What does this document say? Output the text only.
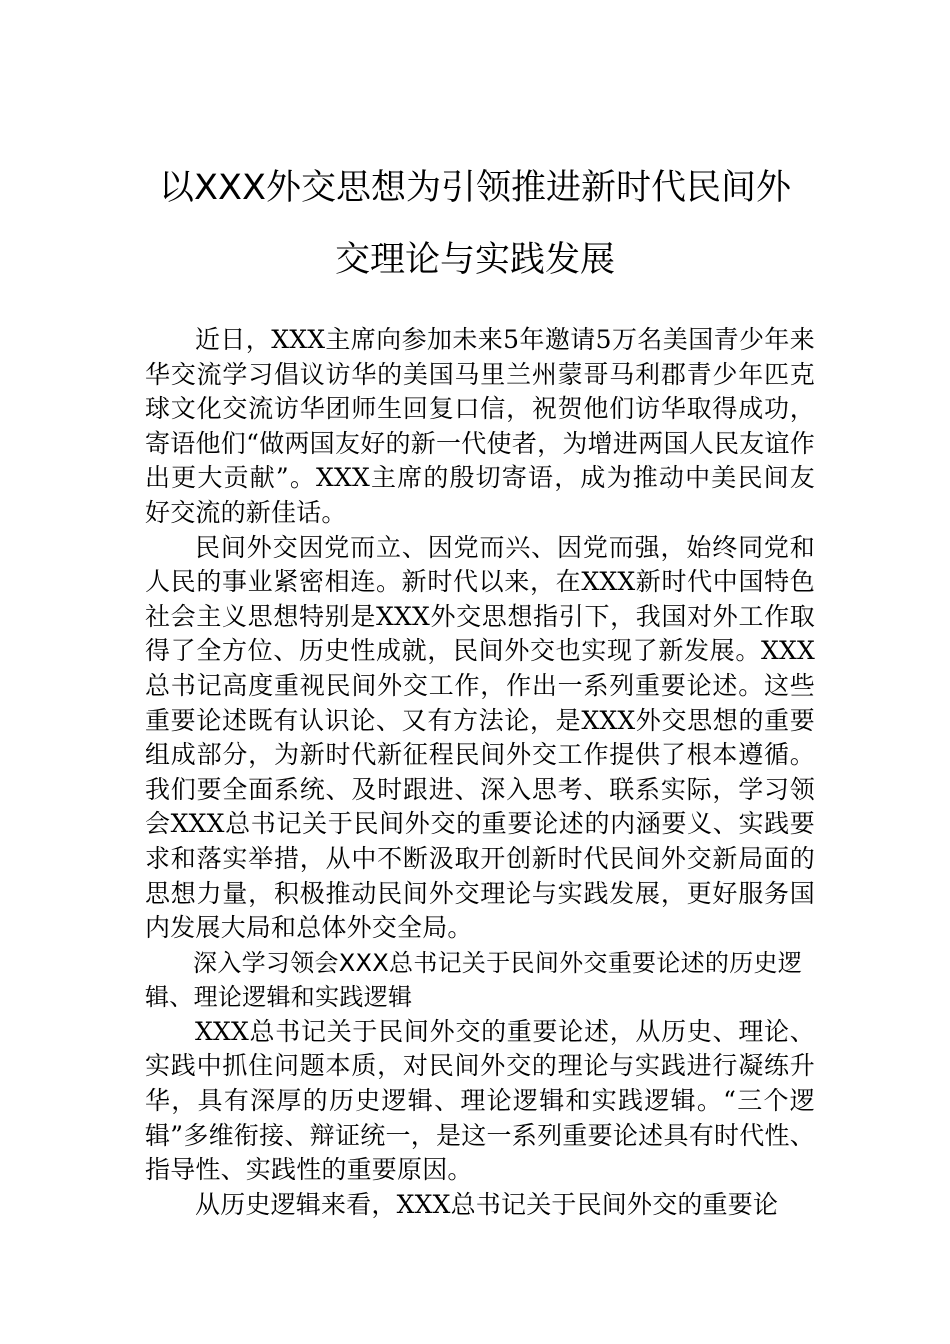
以XXX外交思想为引领推进新时代民间外
交理论与实践发展

近日，XXX主席向参加未来5年邀请5万名美国青少年来华交流学习倡议访华的美国马里兰州蒙哥马利郡青少年匹克球文化交流访华团师生回复口信，祝贺他们访华取得成功，寄语他们“做两国友好的新一代使者，为增进两国人民友谊作出更大贡献”。XXX主席的殷切寄语，成为推动中美民间友好交流的新佳话。

民间外交因党而立、因党而兴、因党而强，始终同党和人民的事业紧密相连。新时代以来，在XXX新时代中国特色社会主义思想特别是XXX外交思想指引下，我国对外工作取得了全方位、历史性成就，民间外交也实现了新发展。XXX总书记高度重视民间外交工作，作出一系列重要论述。这些重要论述既有认识论、又有方法论，是XXX外交思想的重要组成部分，为新时代新征程民间外交工作提供了根本遵循。我们要全面系统、及时跟进、深入思考、联系实际，学习领会XXX总书记关于民间外交的重要论述的内涵要义、实践要求和落实举措，从中不断汲取开创新时代民间外交新局面的思想力量，积极推动民间外交理论与实践发展，更好服务国内发展大局和总体外交全局。

深入学习领会XXX总书记关于民间外交重要论述的历史逻辑、理论逻辑和实践逻辑

XXX总书记关于民间外交的重要论述，从历史、理论、实践中抓住问题本质，对民间外交的理论与实践进行凝练升华，具有深厚的历史逻辑、理论逻辑和实践逻辑。“三个逻辑”多维衔接、辩证统一，是这一系列重要论述具有时代性、指导性、实践性的重要原因。

从历史逻辑来看，XXX总书记关于民间外交的重要论
